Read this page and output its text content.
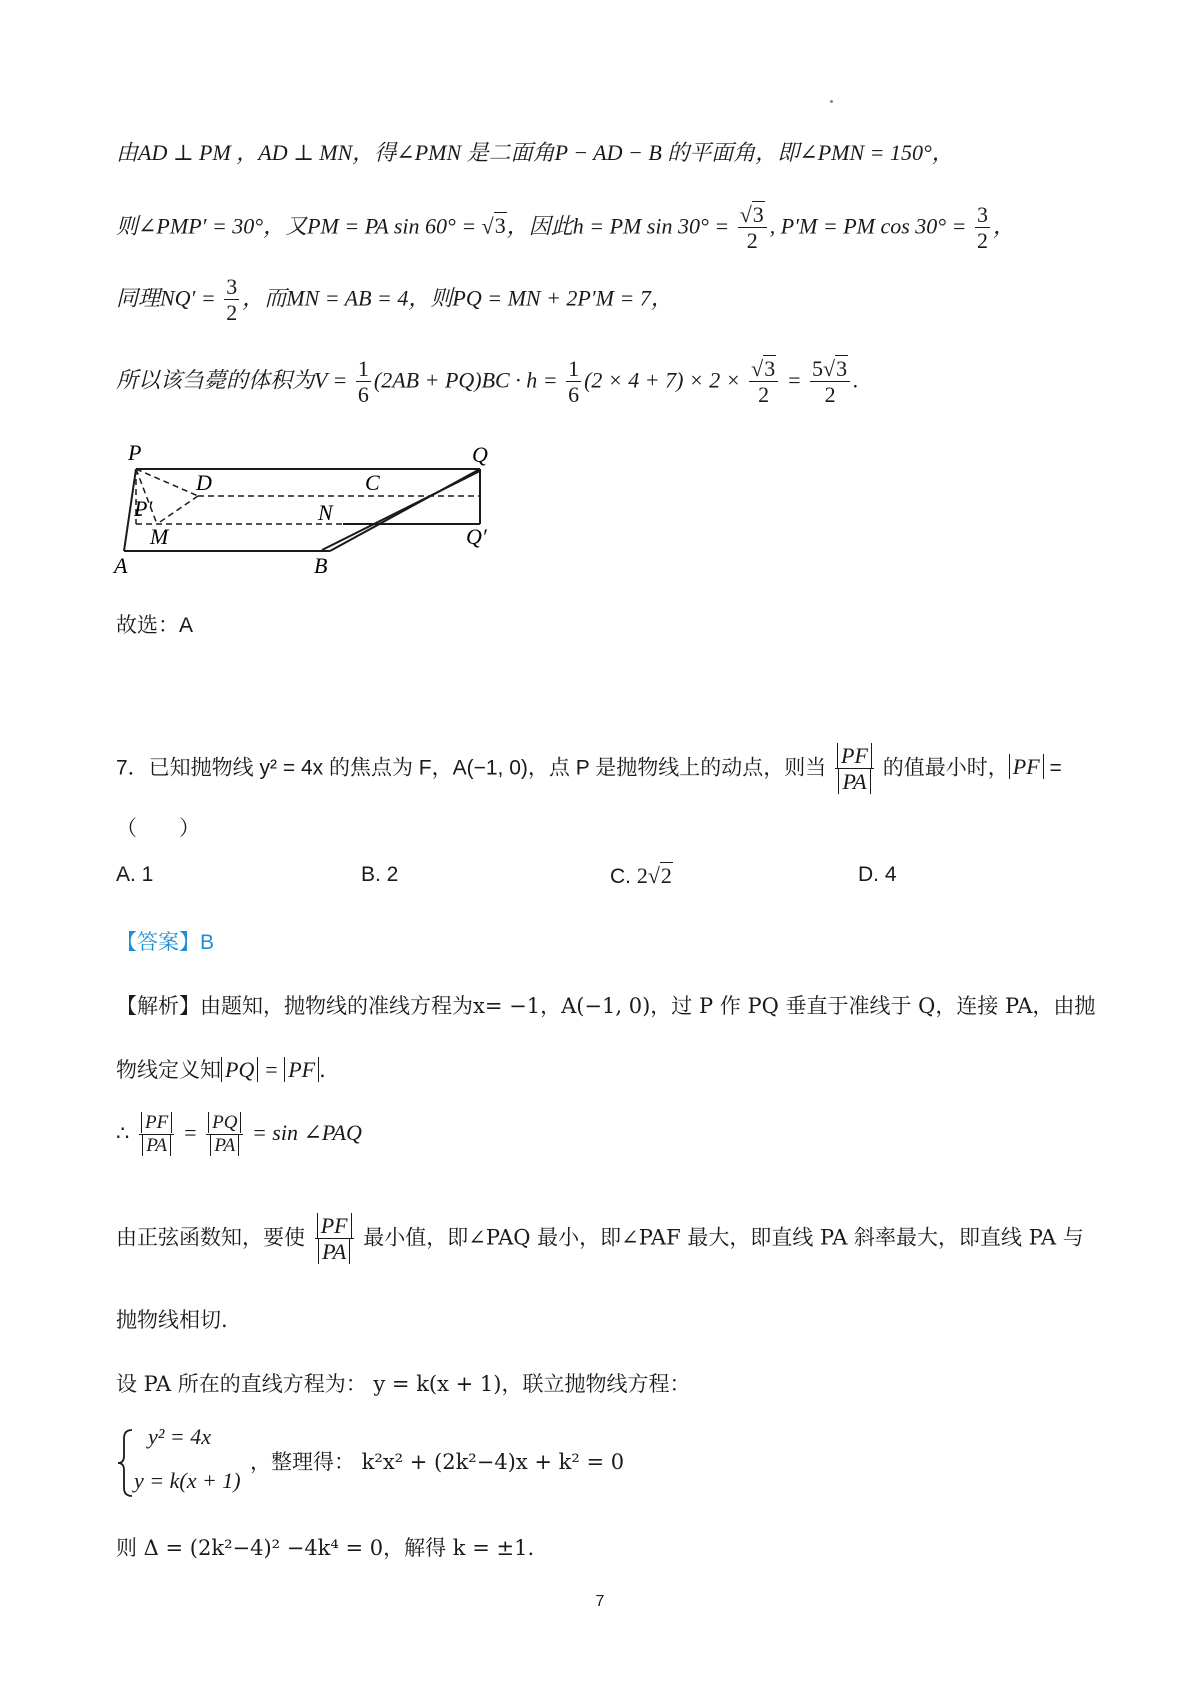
由AD ⊥ PM ，AD ⊥ MN，得∠PMN 是二面角P − AD − B 的平面角，即∠PMN = 150°，
则∠PMP′ = 30°，又PM = PA sin 60° = √3，因此h = PM $\sin 30^\circ = \frac{√3}{2}$ , P′M = PM $\cos 30^\circ = \frac{3}{2}$ ，
同理$NQ' = \frac{3}{2}$ ，而MN = AB = 4，则PQ = MN + 2P′M = 7，
所以该刍薨的体积为$V = \frac{1}{6} (2AB + PQ)BC \cdot h = \frac{1}{6} (2 \times 4 + 7) \times 2 \times \frac{√3}{2} = \frac{5√3}{2}$ .
P	Q
D	C
P′	N
M
A	B
Q′
故选：A
7．已知抛物线 y² = 4x 的焦点为 F，A(−1, 0)，点 P 是抛物线上的动点，则当 $\frac{PF}{PA}$ 的值最小时， PF =
（　　）
A. 1	B. 2	C. 2√2	D. 4
【答案】B
【解析】由题知，抛物线的准线方程为x= −1，A(−1, 0)，过 P 作 PQ 垂直于准线于 Q，连接 PA，由抛
物线定义知 PQ = PF .
∴ $\frac{PF}{PA} = \frac{PQ}{PA} = \sin$ ∠PAQ
由正弦函数知，要使 $\frac{PF}{PA}$ 最小值，即∠PAQ 最小，即∠PAF 最大，即直线 PA 斜率最大，即直线 PA 与
抛物线相切.
设 PA 所在的直线方程为： y = k(x + 1)，联立抛物线方程：
y² = 4x
y = k(x + 1)
，整理得： k²x² + (2k²−4)x + k² = 0
则 Δ = (2k²−4)² −4k⁴ = 0，解得 k = ±1.
7
